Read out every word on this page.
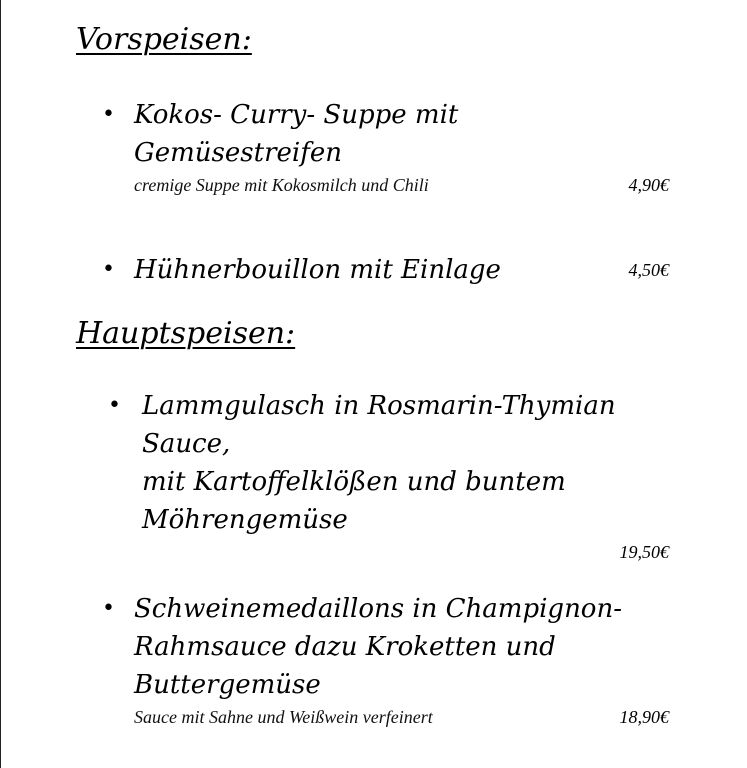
Vorspeisen:
• Kokos- Curry- Suppe mit
Gemüsestreifen
cremige Suppe mit Kokosmilch und Chili	4,90€
• Hühnerbouillon mit Einlage	4,50€
Hauptspeisen:
• Lammgulasch in Rosmarin-Thymian
Sauce,
mit Kartoffelklößen und buntem
Möhrengemüse
19,50€
• Schweinemedaillons in Champignon-
Rahmsauce dazu Kroketten und
Buttergemüse
Sauce mit Sahne und Weißwein verfeinert	18,90€
